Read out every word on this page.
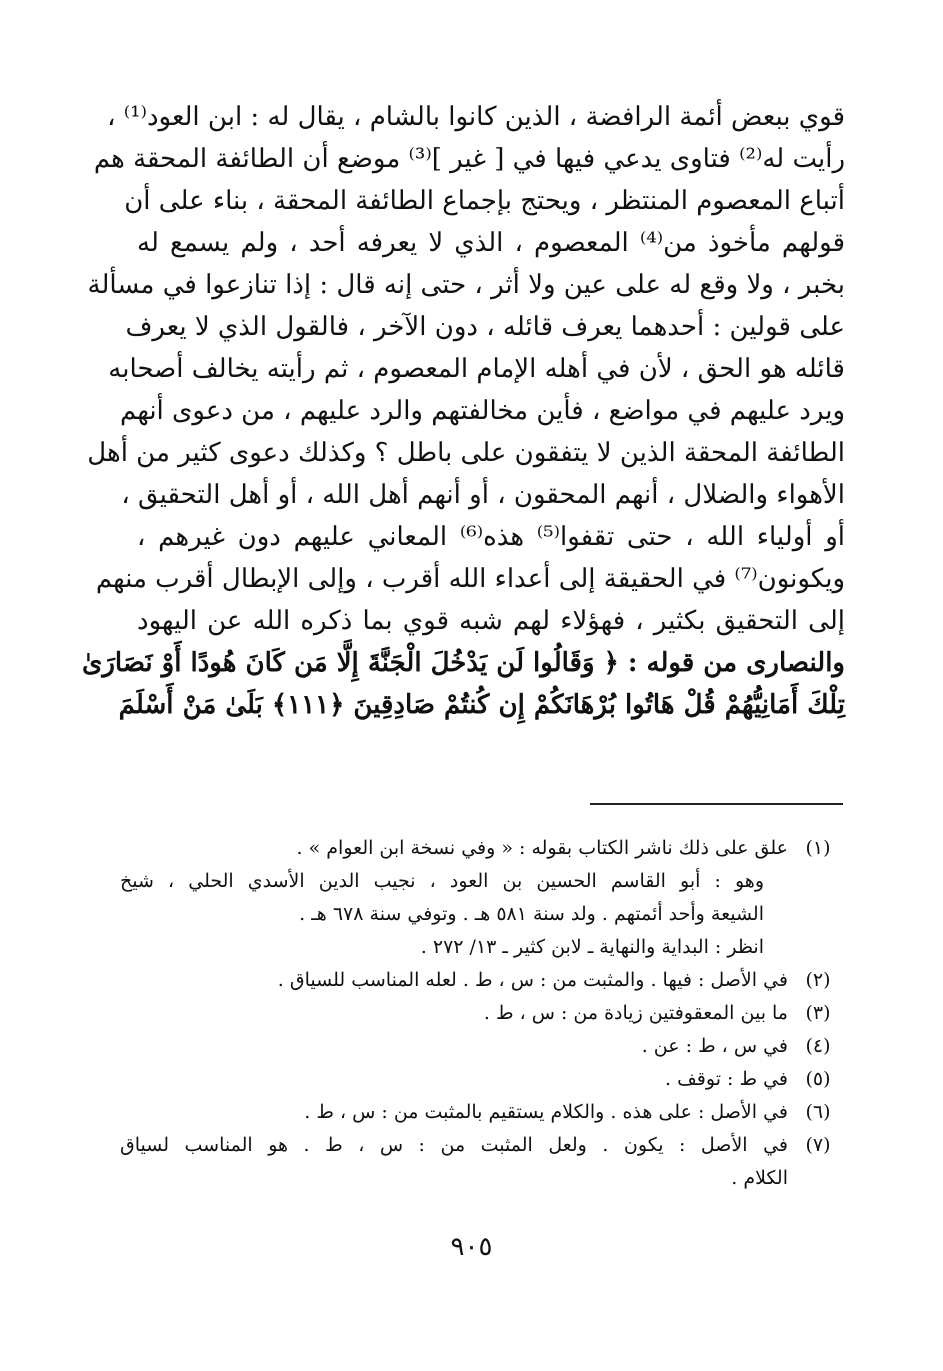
قوي ببعض أئمة الرافضة ، الذين كانوا بالشام ، يقال له : ابن العود⁽¹⁾ ،
رأيت له⁽²⁾ فتاوى يدعي فيها في [ غير ]⁽³⁾ موضع أن الطائفة المحقة هم
أتباع المعصوم المنتظر ، ويحتج بإجماع الطائفة المحقة ، بناء على أن
قولهم مأخوذ من⁽⁴⁾ المعصوم ، الذي لا يعرفه أحد ، ولم يسمع له
بخبر ، ولا وقع له على عين ولا أثر ، حتى إنه قال : إذا تنازعوا في مسألة
على قولين : أحدهما يعرف قائله ، دون الآخر ، فالقول الذي لا يعرف
قائله هو الحق ، لأن في أهله الإمام المعصوم ، ثم رأيته يخالف أصحابه
ويرد عليهم في مواضع ، فأين مخالفتهم والرد عليهم ، من دعوى أنهم
الطائفة المحقة الذين لا يتفقون على باطل ؟ وكذلك دعوى كثير من أهل
الأهواء والضلال ، أنهم المحقون ، أو أنهم أهل الله ، أو أهل التحقيق ،
أو أولياء الله ، حتى تقفوا⁽⁵⁾ هذه⁽⁶⁾ المعاني عليهم دون غيرهم ،
ويكونون⁽⁷⁾ في الحقيقة إلى أعداء الله أقرب ، وإلى الإبطال أقرب منهم
إلى التحقيق بكثير ، فهؤلاء لهم شبه قوي بما ذكره الله عن اليهود
والنصارى من قوله : ﴿ وَقَالُوا لَن يَدْخُلَ الْجَنَّةَ إِلَّا مَن كَانَ هُودًا أَوْ نَصَارَىٰ
تِلْكَ أَمَانِيُّهُمْ قُلْ هَاتُوا بُرْهَانَكُمْ إِن كُنتُمْ صَادِقِينَ ﴿١١١﴾ بَلَىٰ مَنْ أَسْلَمَ
(١)
علق على ذلك ناشر الكتاب بقوله : « وفي نسخة ابن العوام » .
وهو : أبو القاسم الحسين بن العود ، نجيب الدين الأسدي الحلي ، شيخ
الشيعة وأحد أئمتهم . ولد سنة ٥٨١ هـ . وتوفي سنة ٦٧٨ هـ .
انظر : البداية والنهاية ـ لابن كثير ـ ١٣/ ٢٧٢ .
(٢)
في الأصل : فيها . والمثبت من : س ، ط . لعله المناسب للسياق .
(٣)
ما بين المعقوفتين زيادة من : س ، ط .
(٤)
في س ، ط : عن .
(٥)
في ط : توقف .
(٦)
في الأصل : على هذه . والكلام يستقيم بالمثبت من : س ، ط .
(٧)
في الأصل : يكون . ولعل المثبت من : س ، ط . هو المناسب لسياق
الكلام .
٩٠٥
